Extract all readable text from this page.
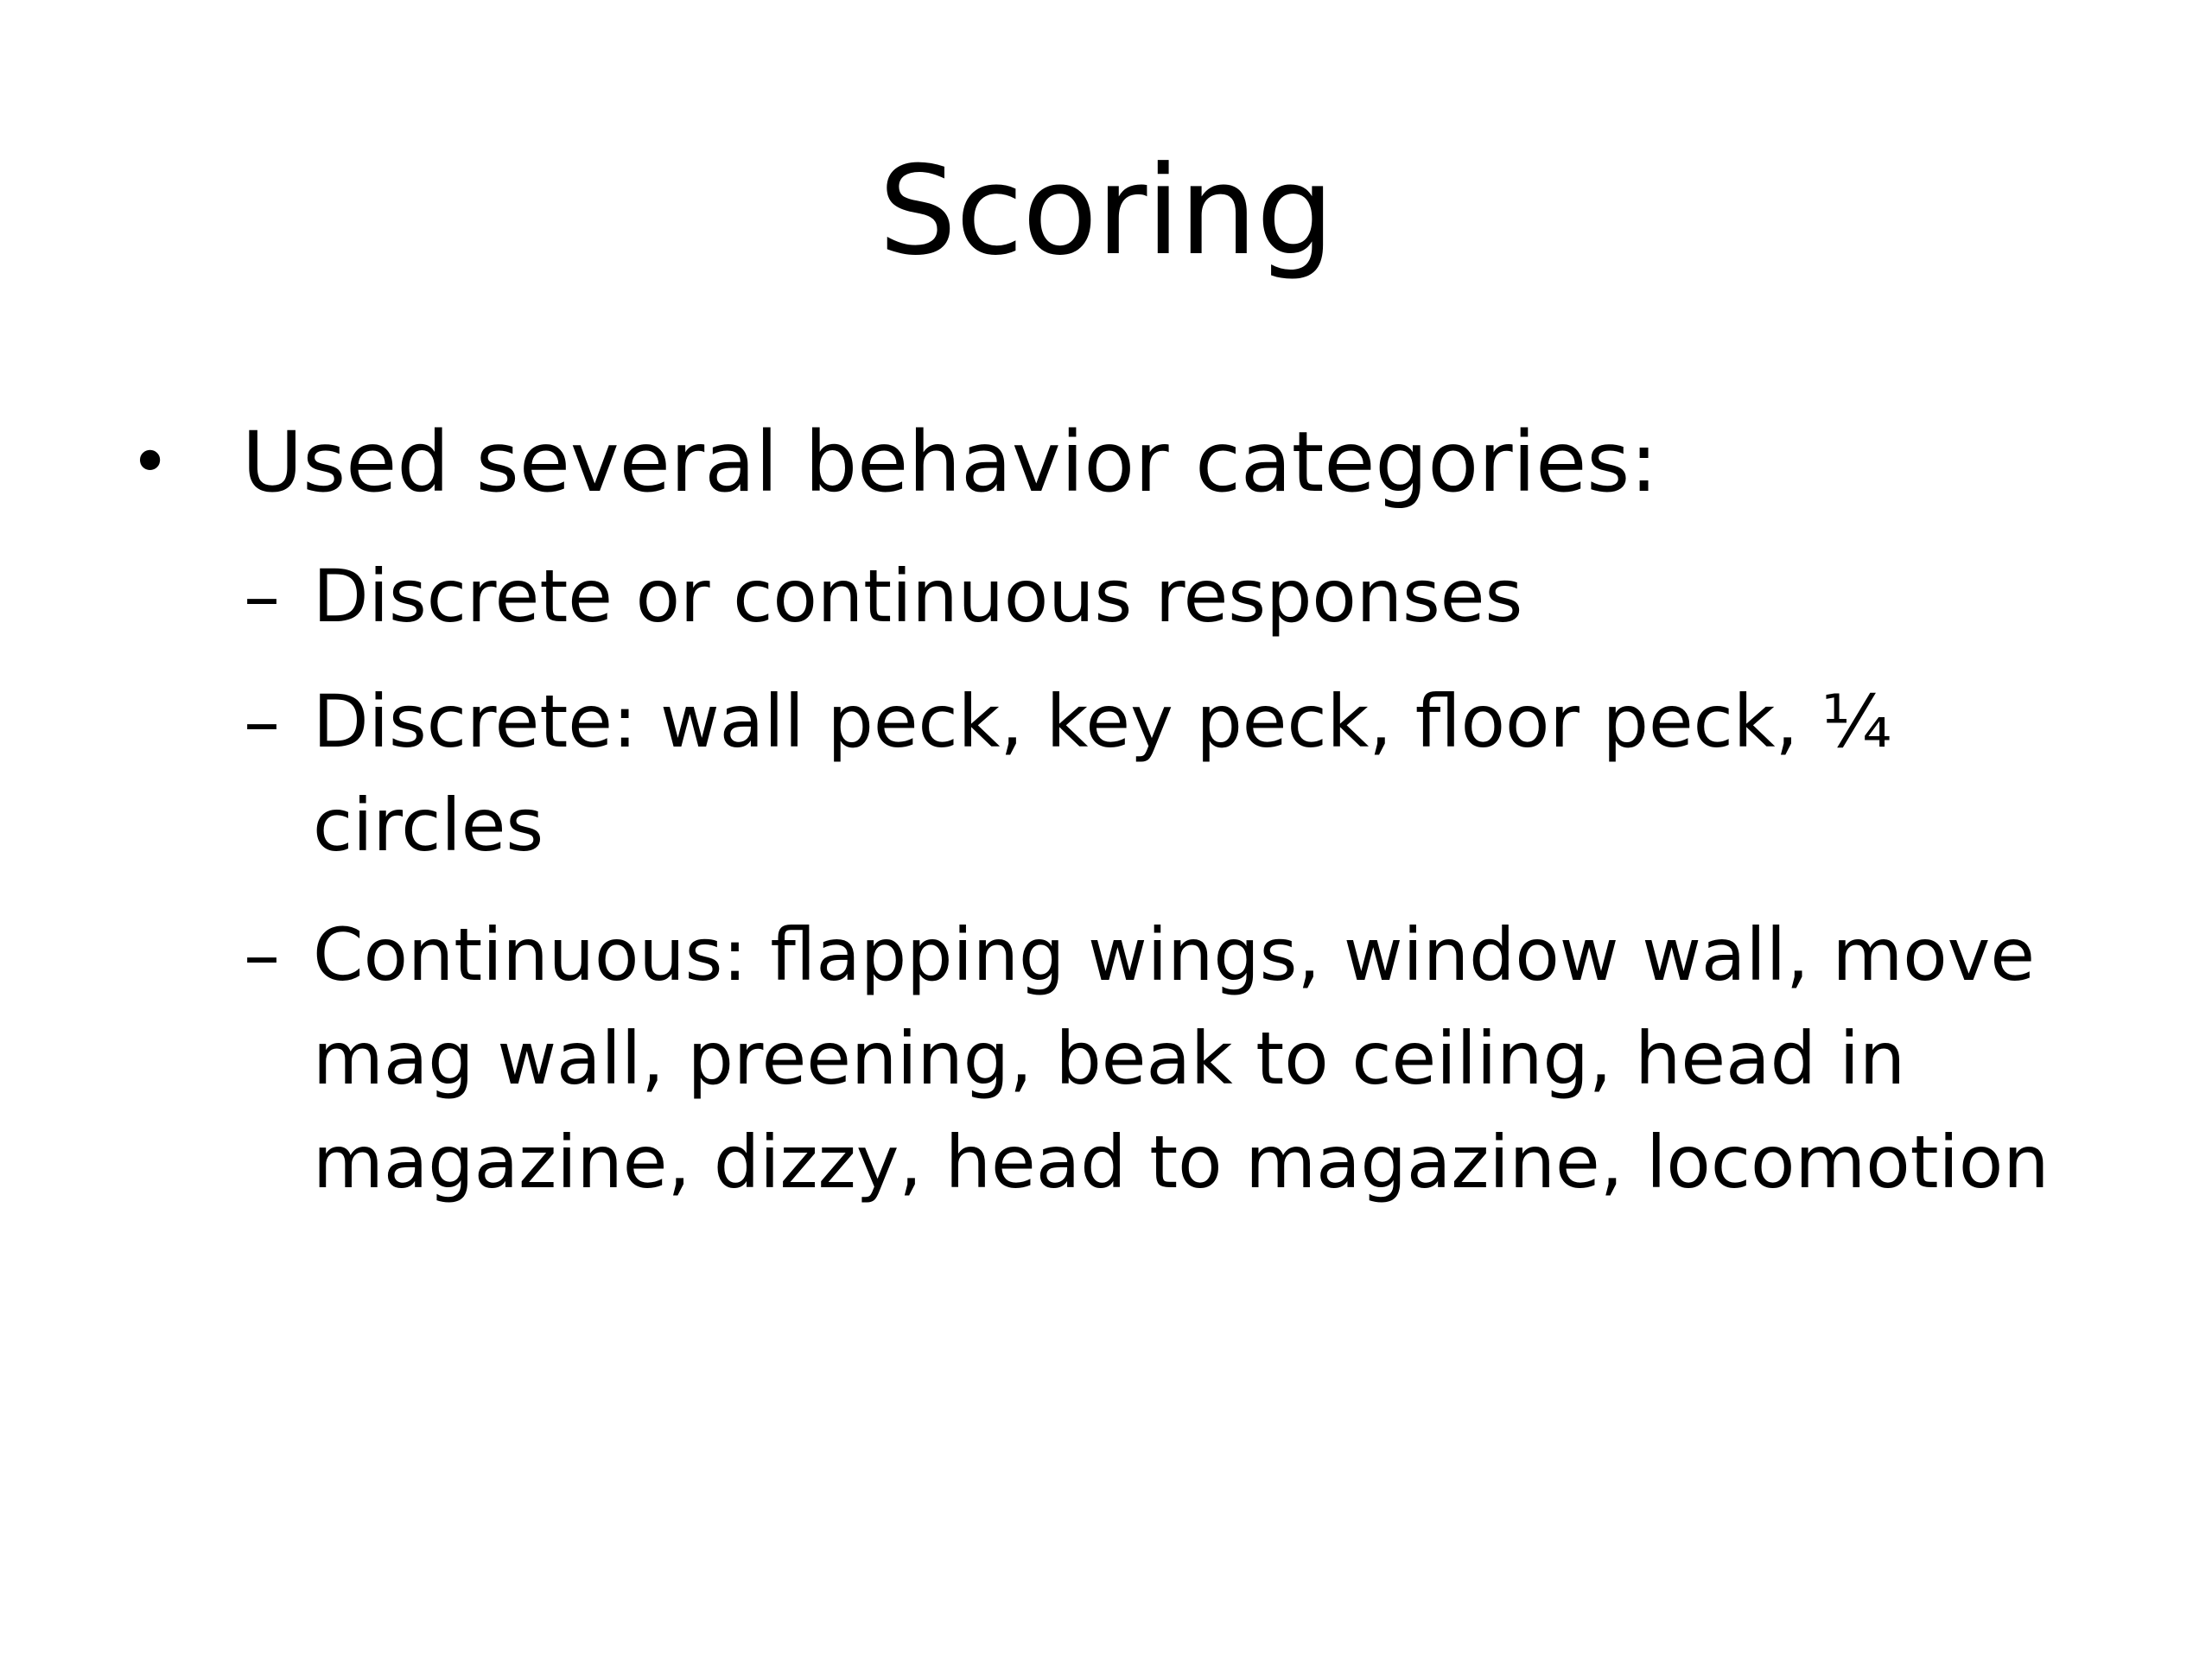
Scoring
• Used several behavior categories:
– Discrete or continuous responses
– Discrete: wall peck, key peck, floor peck, ¼ circles
– Continuous: flapping wings, window wall, move mag wall, preening, beak to ceiling, head in magazine, dizzy, head to magazine, locomotion
